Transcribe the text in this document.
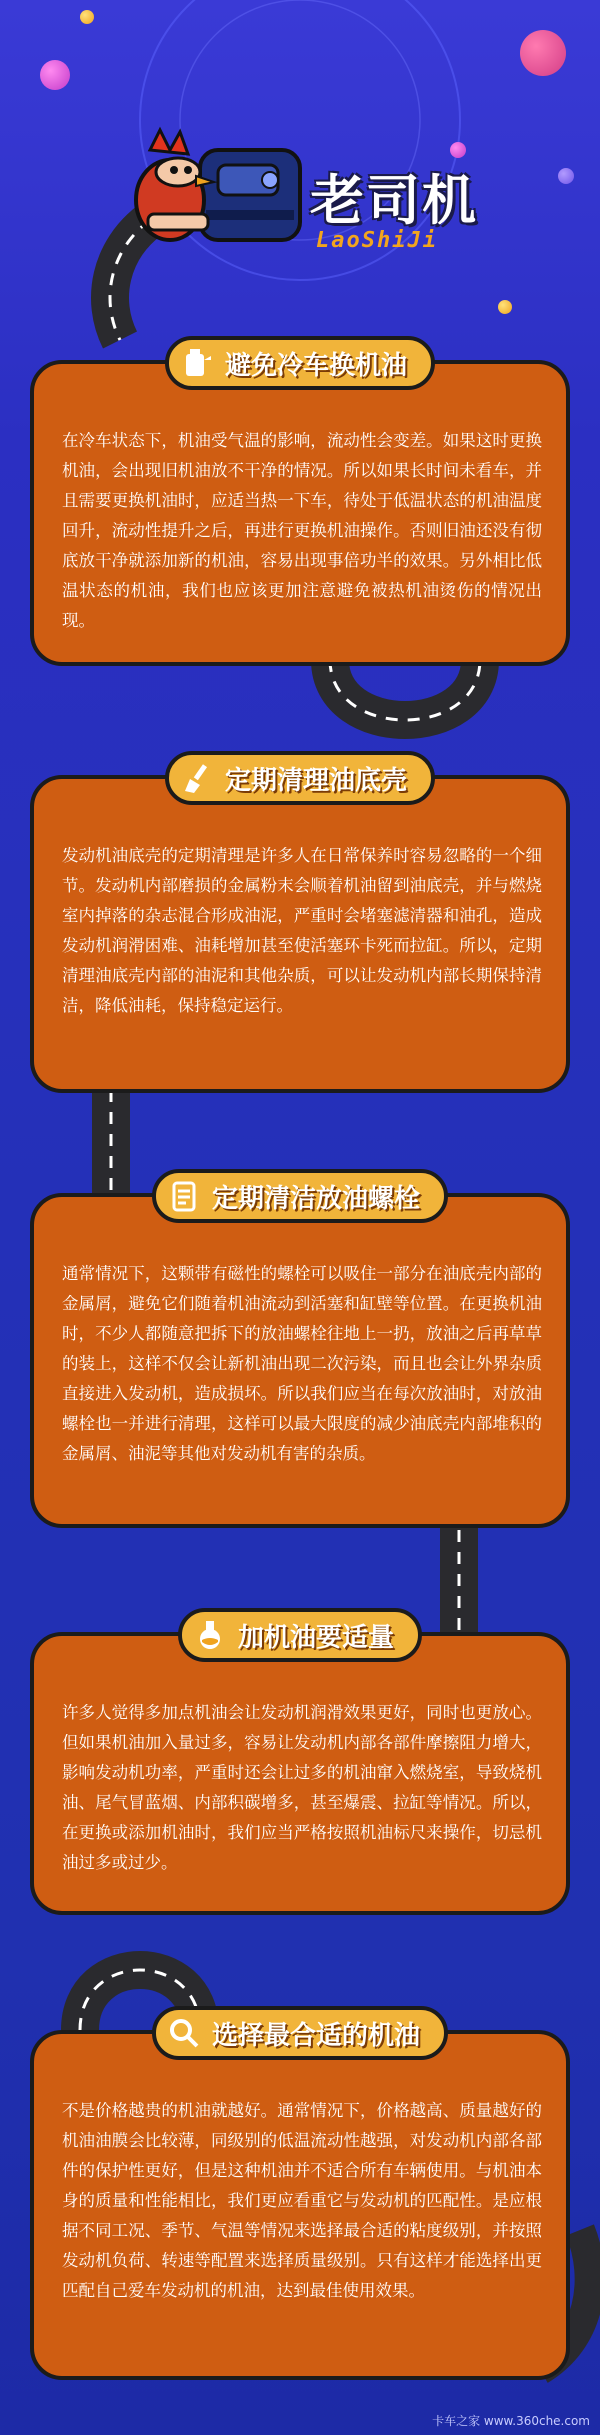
老司机
LaoShiJi
避免冷车换机油

在冷车状态下，机油受气温的影响，流动性会变差。如果这时更换机油，会出现旧机油放不干净的情况。所以如果长时间未看车，并且需要更换机油时，应适当热一下车，待处于低温状态的机油温度回升，流动性提升之后，再进行更换机油操作。否则旧油还没有彻底放干净就添加新的机油，容易出现事倍功半的效果。另外相比低温状态的机油，我们也应该更加注意避免被热机油烫伤的情况出现。

定期清理油底壳

发动机油底壳的定期清理是许多人在日常保养时容易忽略的一个细节。发动机内部磨损的金属粉末会顺着机油留到油底壳，并与燃烧室内掉落的杂志混合形成油泥，严重时会堵塞滤清器和油孔，造成发动机润滑困难、油耗增加甚至使活塞环卡死而拉缸。所以，定期清理油底壳内部的油泥和其他杂质，可以让发动机内部长期保持清洁，降低油耗，保持稳定运行。

定期清洁放油螺栓

通常情况下，这颗带有磁性的螺栓可以吸住一部分在油底壳内部的金属屑，避免它们随着机油流动到活塞和缸壁等位置。在更换机油时，不少人都随意把拆下的放油螺栓往地上一扔，放油之后再草草的装上，这样不仅会让新机油出现二次污染，而且也会让外界杂质直接进入发动机，造成损坏。所以我们应当在每次放油时，对放油螺栓也一并进行清理，这样可以最大限度的减少油底壳内部堆积的金属屑、油泥等其他对发动机有害的杂质。

加机油要适量

许多人觉得多加点机油会让发动机润滑效果更好，同时也更放心。但如果机油加入量过多，容易让发动机内部各部件摩擦阻力增大，影响发动机功率，严重时还会让过多的机油窜入燃烧室，导致烧机油、尾气冒蓝烟、内部积碳增多，甚至爆震、拉缸等情况。所以，在更换或添加机油时，我们应当严格按照机油标尺来操作，切忌机油过多或过少。

选择最合适的机油

不是价格越贵的机油就越好。通常情况下，价格越高、质量越好的机油油膜会比较薄，同级别的低温流动性越强，对发动机内部各部件的保护性更好，但是这种机油并不适合所有车辆使用。与机油本身的质量和性能相比，我们更应看重它与发动机的匹配性。是应根据不同工况、季节、气温等情况来选择最合适的粘度级别，并按照发动机负荷、转速等配置来选择质量级别。只有这样才能选择出更匹配自己爱车发动机的机油，达到最佳使用效果。

卡车之家 www.360che.com
